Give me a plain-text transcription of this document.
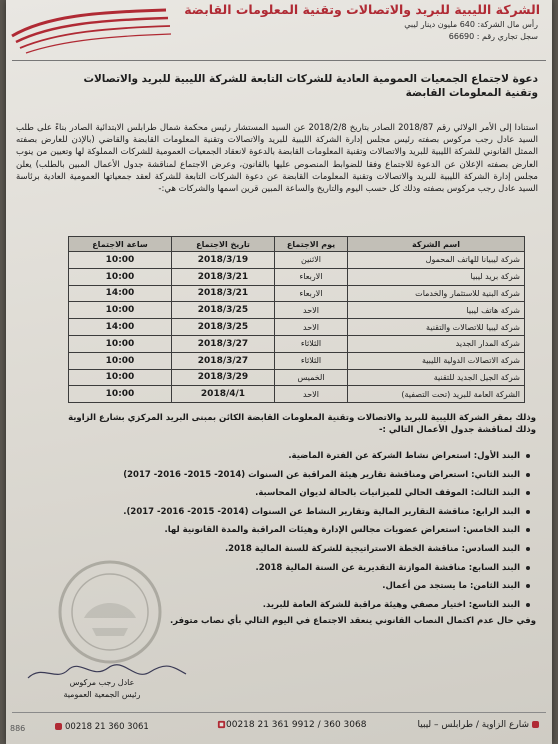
الشركة الليبية للبريد والاتصالات وتقنية المعلومات القابضة
رأس مال الشركة: 640 مليون دينار ليبي
سجل تجاري رقم : 66690
دعوة لاجتماع الجمعيات العمومية العادية للشركات التابعة للشركة الليبية للبريد والاتصالات
وتقنية المعلومات القابضة
استنادا إلى الأمر الولائي رقم 2018/87 الصادر بتاريخ 2018/2/8 عن السيد المستشار رئيس محكمة شمال طرابلس الابتدائية الصادر بناءً على طلب السيد عادل رجب مركوس بصفته رئيس مجلس إدارة الشركة الليبية للبريد والاتصالات وتقنية المعلومات القابضة والقاضي (بالإذن للعارض بصفته الممثل القانوني للشركة الليبية للبريد والاتصالات وتقنية المعلومات القابضة بالدعوة لانعقاد الجمعيات العمومية للشركات المملوكة لها وتعيين من ينوب العارض بصفته الإعلان عن الدعوة للاجتماع وفقا للضوابط المنصوص عليها بالقانون، وعرض الاجتماع لمناقشة جدول الأعمال المبين بالطلب) يعلن مجلس إدارة الشركة الليبية للبريد والاتصالات وتقنية المعلومات القابضة عن دعوة الشركات التابعة للشركة لعقد جمعياتها العمومية العادية برئاسة السيد عادل رجب مركوس بصفته وذلك كل حسب اليوم والتاريخ والساعة المبين قرين اسمها والشركات هي:-
اسم الشركة	يوم الاجتماع	تاريخ الاجتماع	ساعة الاجتماع
شركة ليبيانا للهاتف المحمول	الاثنين	2018/3/19	10:00
شركة بريد ليبيا	الاربعاء	2018/3/21	10:00
شركة البنية للاستثمار والخدمات	الاربعاء	2018/3/21	14:00
شركة هاتف ليبيا	الاحد	2018/3/25	10:00
شركة ليبيا للاتصالات والتقنية	الاحد	2018/3/25	14:00
شركة المدار الجديد	الثلاثاء	2018/3/27	10:00
شركة الاتصالات الدولية الليبية	الثلاثاء	2018/3/27	10:00
شركة الجيل الجديد للتقنية	الخميس	2018/3/29	10:00
الشركة العامة للبريد (تحت التصفية)	الاحد	2018/4/1	10:00
وذلك بمقر الشركة الليبية للبريد والاتصالات وتقنية المعلومات القابضة الكائن بمبنى البريد المركزي بشارع الزاوية
وذلك لمناقشة جدول الأعمال التالي :-
البند الأول: استعراض نشاط الشركة عن الفترة الماضية.
البند الثاني: استعراض ومناقشة تقارير هيئة المراقبة عن السنوات (2014- 2015- 2016- 2017)
البند الثالث: الموقف الحالي للميزانيات بالحالة لديوان المحاسبة.
البند الرابع: مناقشة التقارير المالية وتقارير النشاط عن السنوات (2014- 2015- 2016- 2017).
البند الخامس: استعراض عضويات مجالس الإدارة وهيئات المراقبة والمدة القانونية لها.
البند السادس: مناقشة الخطة الاستراتيجية للشركة للسنة المالية 2018.
البند السابع: مناقشة الموازنة التقديرية عن السنة المالية 2018.
البند الثامن: ما يستجد من أعمال.
البند التاسع: اختيار مصفي وهيئة مراقبة للشركة العامة للبريد.
وفي حال عدم اكتمال النصاب القانوني ينعقد الاجتماع في اليوم التالي بأي نصاب متوفر.
عادل رجب مركوس
رئيس الجمعية العمومية
شارع الزاوية / طرابلس – ليبيا
00218 21 361 9912 / 360 3068
00218 21 360 3061
886
